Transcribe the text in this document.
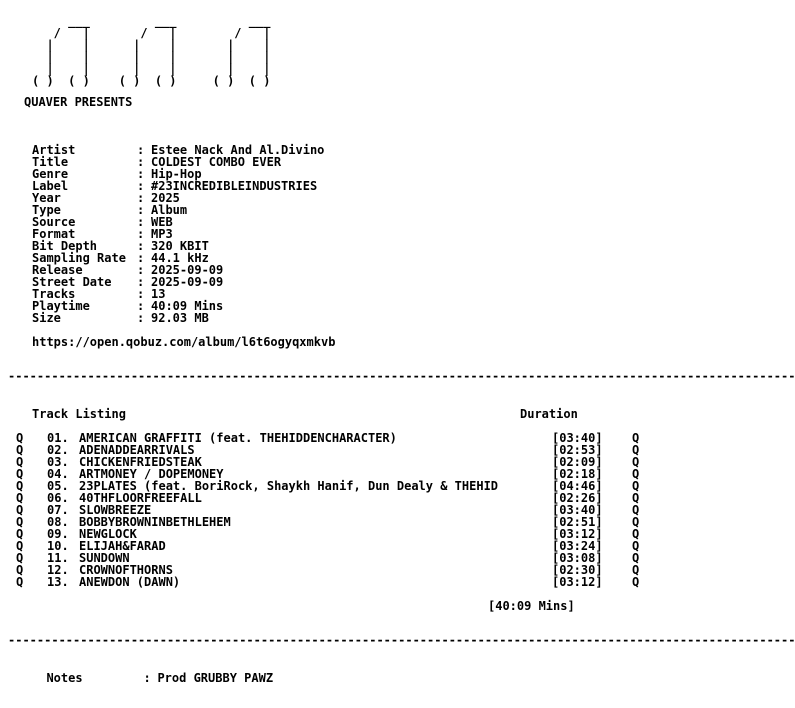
___         ___          ___
/   |       /   |        /   |
|    |      |    |       |    |
|    |      |    |       |    |
|    |      |    |       |    |
( )  ( )    ( )  ( )     ( )  ( )
QUAVER PRESENTS
Artist	: Estee Nack And Al.Divino
Title	: COLDEST COMBO EVER
Genre	: Hip-Hop
Label	: #23INCREDIBLEINDUSTRIES
Year	: 2025
Type	: Album
Source	: WEB
Format	: MP3
Bit Depth	: 320 KBIT
Sampling Rate : 44.1 kHz
Release	: 2025-09-09
Street Date : 2025-09-09
Tracks	: 13
Playtime	: 40:09 Mins
Size	: 92.03 MB
https://open.qobuz.com/album/l6t6ogyqxmkvb
-------------------------------------------------------------------------------------------------------------
Track Listing	Duration
Q 01. AMERICAN GRAFFITI (feat. THEHIDDENCHARACTER)	[03:40] Q
Q 02. ADENADDEARRIVALS	[02:53] Q
Q 03. CHICKENFRIEDSTEAK	[02:09] Q
Q 04. ARTMONEY / DOPEMONEY	[02:18] Q
Q 05. 23PLATES (feat. BoriRock, Shaykh Hanif, Dun Dealy & THEHID	[04:46] Q
Q 06. 40THFLOORFREEFALL	[02:26] Q
Q 07. SLOWBREEZE	[03:40] Q
Q 08. BOBBYBROWNINBETHLEHEM	[02:51] Q
Q 09. NEWGLOCK	[03:12] Q
Q 10. ELIJAH&FARAD	[03:24] Q
Q 11. SUNDOWN	[03:08] Q
Q 12. CROWNOFTHORNS	[02:30] Q
Q 13. ANEWDON (DAWN)	[03:12] Q
[40:09 Mins]
-------------------------------------------------------------------------------------------------------------

Notes	: Prod GRUBBY PAWZ
